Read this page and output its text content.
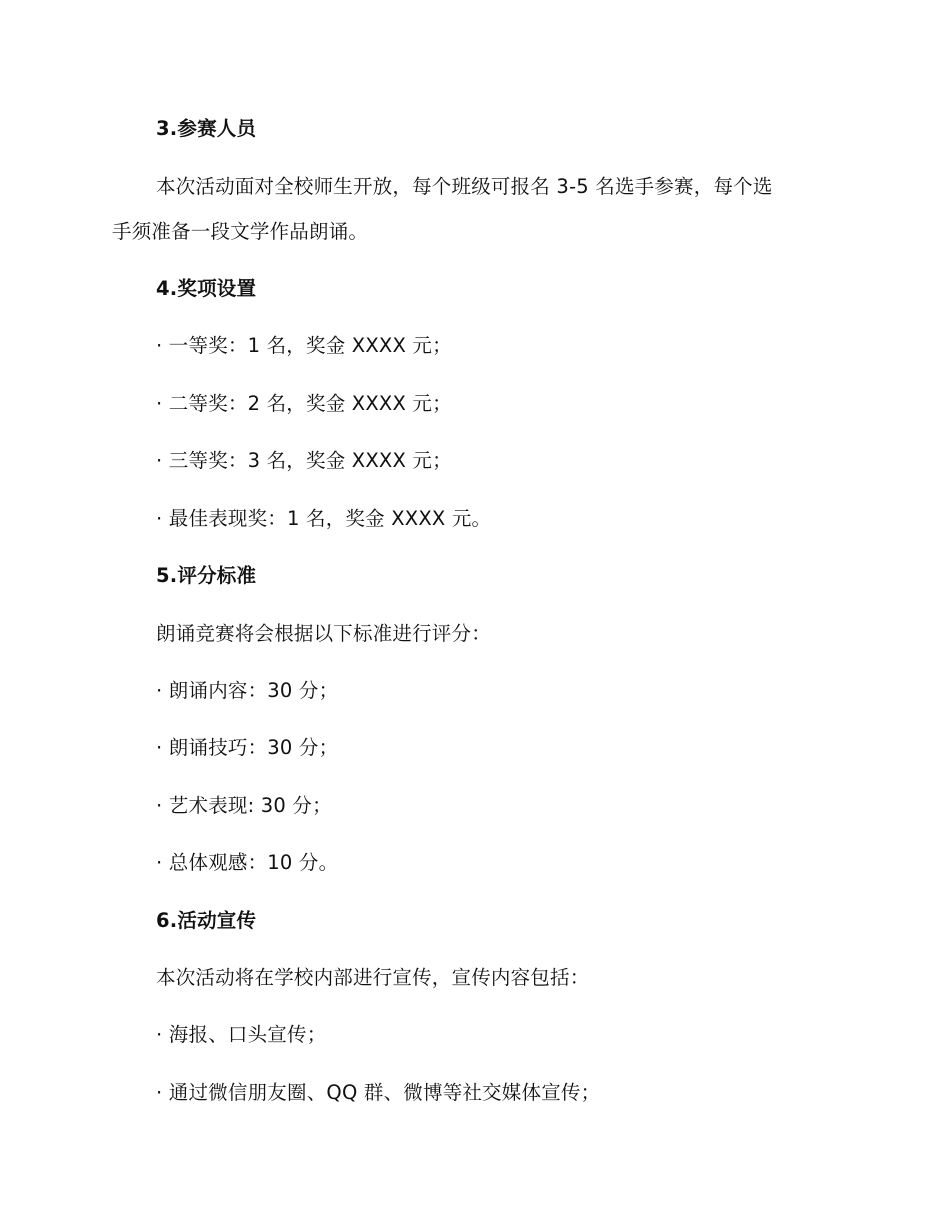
3.参赛人员
本次活动面对全校师生开放，每个班级可报名 3-5 名选手参赛，每个选
手须准备一段文学作品朗诵。
4.奖项设置
· 一等奖：1 名，奖金 XXXX 元；
· 二等奖：2 名，奖金 XXXX 元；
· 三等奖：3 名，奖金 XXXX 元；
· 最佳表现奖：1 名，奖金 XXXX 元。
5.评分标准
朗诵竞赛将会根据以下标准进行评分：
· 朗诵内容：30 分；
· 朗诵技巧：30 分；
· 艺术表现: 30 分；
· 总体观感：10 分。
6.活动宣传
本次活动将在学校内部进行宣传，宣传内容包括：
· 海报、口头宣传；
· 通过微信朋友圈、QQ 群、微博等社交媒体宣传；
